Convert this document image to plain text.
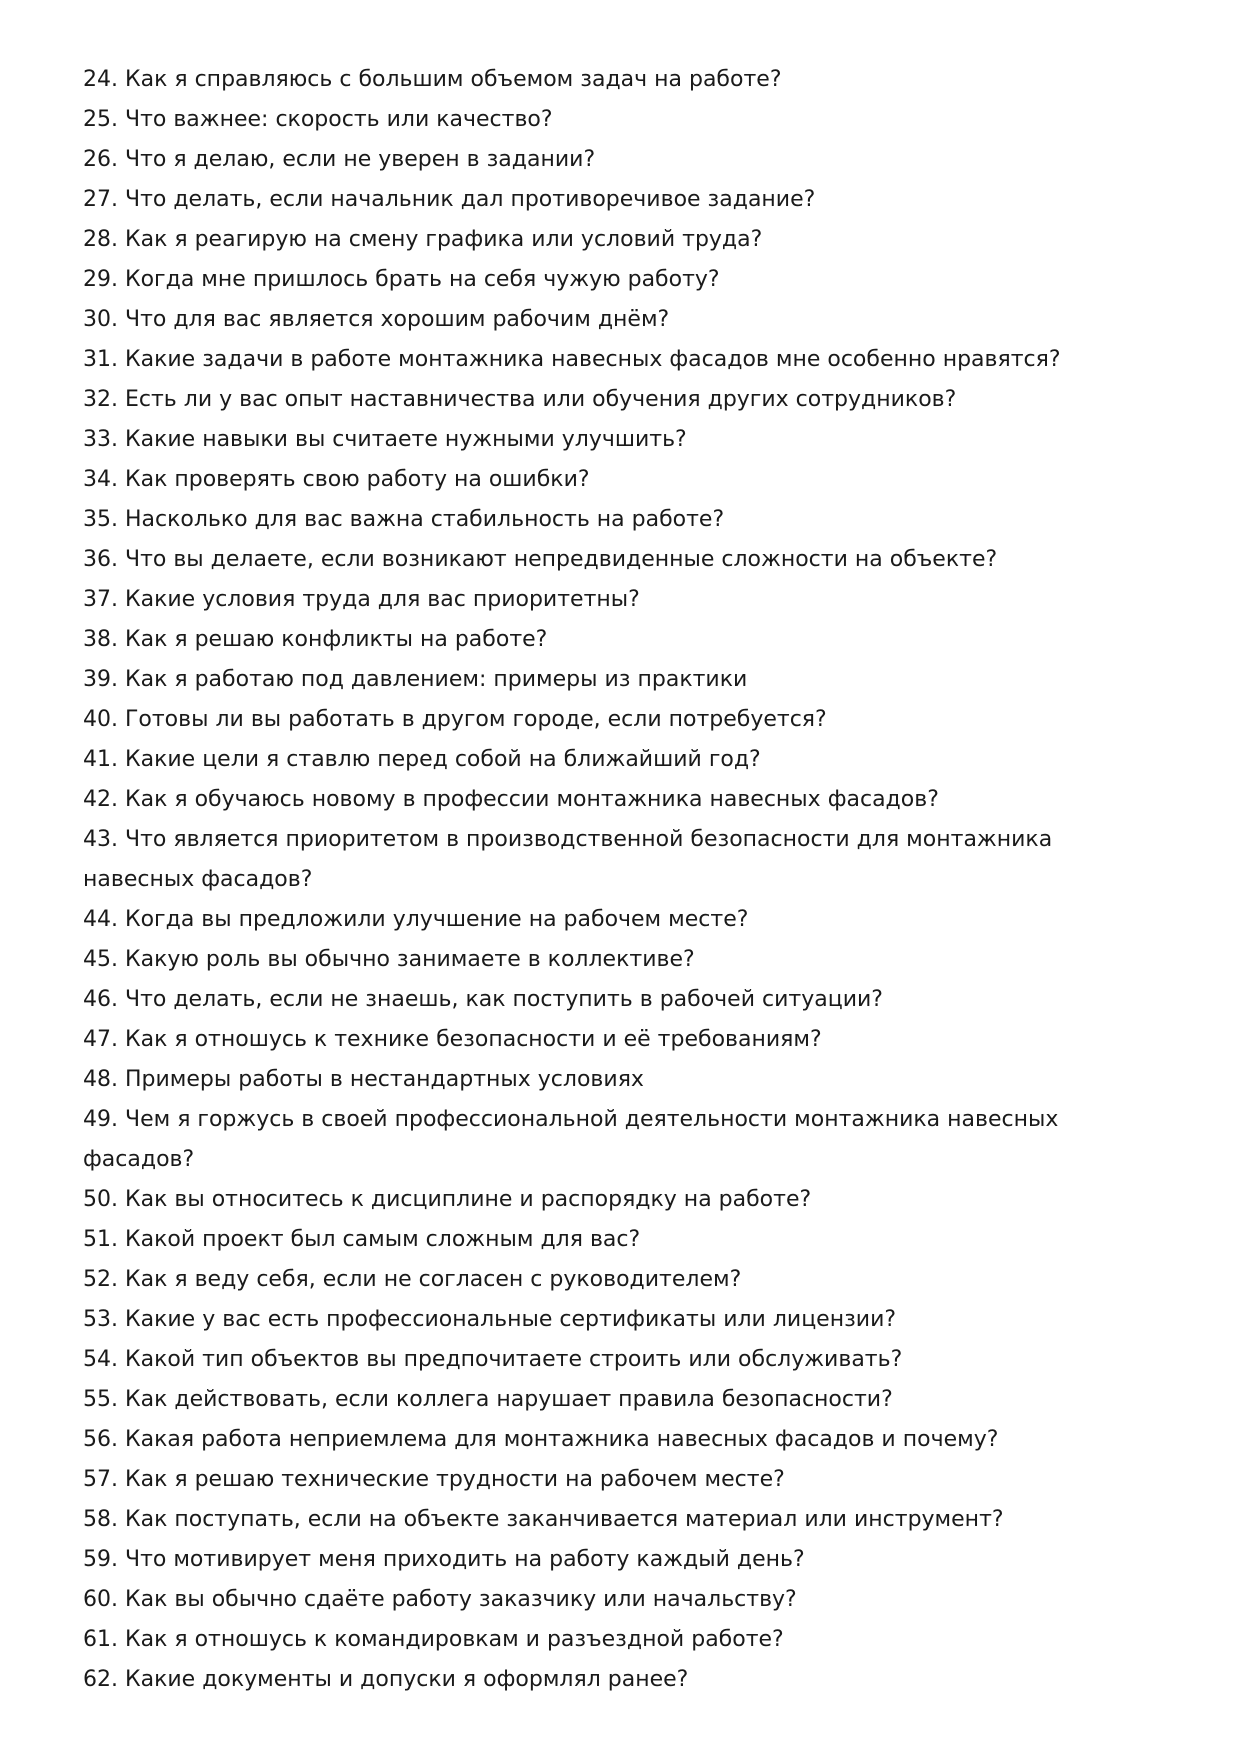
24. Как я справляюсь с большим объемом задач на работе?

25. Что важнее: скорость или качество?

26. Что я делаю, если не уверен в задании?

27. Что делать, если начальник дал противоречивое задание?

28. Как я реагирую на смену графика или условий труда?

29. Когда мне пришлось брать на себя чужую работу?

30. Что для вас является хорошим рабочим днём?

31. Какие задачи в работе монтажника навесных фасадов мне особенно нравятся?

32. Есть ли у вас опыт наставничества или обучения других сотрудников?

33. Какие навыки вы считаете нужными улучшить?

34. Как проверять свою работу на ошибки?

35. Насколько для вас важна стабильность на работе?

36. Что вы делаете, если возникают непредвиденные сложности на объекте?

37. Какие условия труда для вас приоритетны?

38. Как я решаю конфликты на работе?

39. Как я работаю под давлением: примеры из практики

40. Готовы ли вы работать в другом городе, если потребуется?

41. Какие цели я ставлю перед собой на ближайший год?

42. Как я обучаюсь новому в профессии монтажника навесных фасадов?

43. Что является приоритетом в производственной безопасности для монтажника навесных фасадов?

44. Когда вы предложили улучшение на рабочем месте?

45. Какую роль вы обычно занимаете в коллективе?

46. Что делать, если не знаешь, как поступить в рабочей ситуации?

47. Как я отношусь к технике безопасности и её требованиям?

48. Примеры работы в нестандартных условиях

49. Чем я горжусь в своей профессиональной деятельности монтажника навесных фасадов?

50. Как вы относитесь к дисциплине и распорядку на работе?

51. Какой проект был самым сложным для вас?

52. Как я веду себя, если не согласен с руководителем?

53. Какие у вас есть профессиональные сертификаты или лицензии?

54. Какой тип объектов вы предпочитаете строить или обслуживать?

55. Как действовать, если коллега нарушает правила безопасности?

56. Какая работа неприемлема для монтажника навесных фасадов и почему?

57. Как я решаю технические трудности на рабочем месте?

58. Как поступать, если на объекте заканчивается материал или инструмент?

59. Что мотивирует меня приходить на работу каждый день?

60. Как вы обычно сдаёте работу заказчику или начальству?

61. Как я отношусь к командировкам и разъездной работе?

62. Какие документы и допуски я оформлял ранее?
